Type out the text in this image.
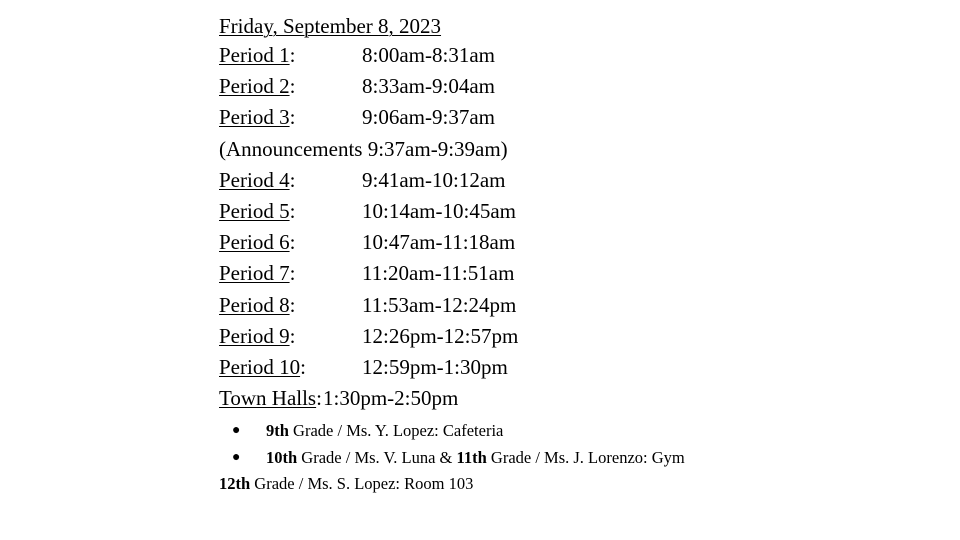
Friday, September 8, 2023
Period 1:	8:00am-8:31am
Period 2:	8:33am-9:04am
Period 3:	9:06am-9:37am
(Announcements 9:37am-9:39am)
Period 4:	9:41am-10:12am
Period 5:	10:14am-10:45am
Period 6:	10:47am-11:18am
Period 7:	11:20am-11:51am
Period 8:	11:53am-12:24pm
Period 9:	12:26pm-12:57pm
Period 10:	12:59pm-1:30pm
Town Halls: 1:30pm-2:50pm
● 9th Grade / Ms. Y. Lopez: Cafeteria
● 10th Grade / Ms. V. Luna & 11th Grade / Ms. J. Lorenzo: Gym
12th Grade / Ms. S. Lopez: Room 103
